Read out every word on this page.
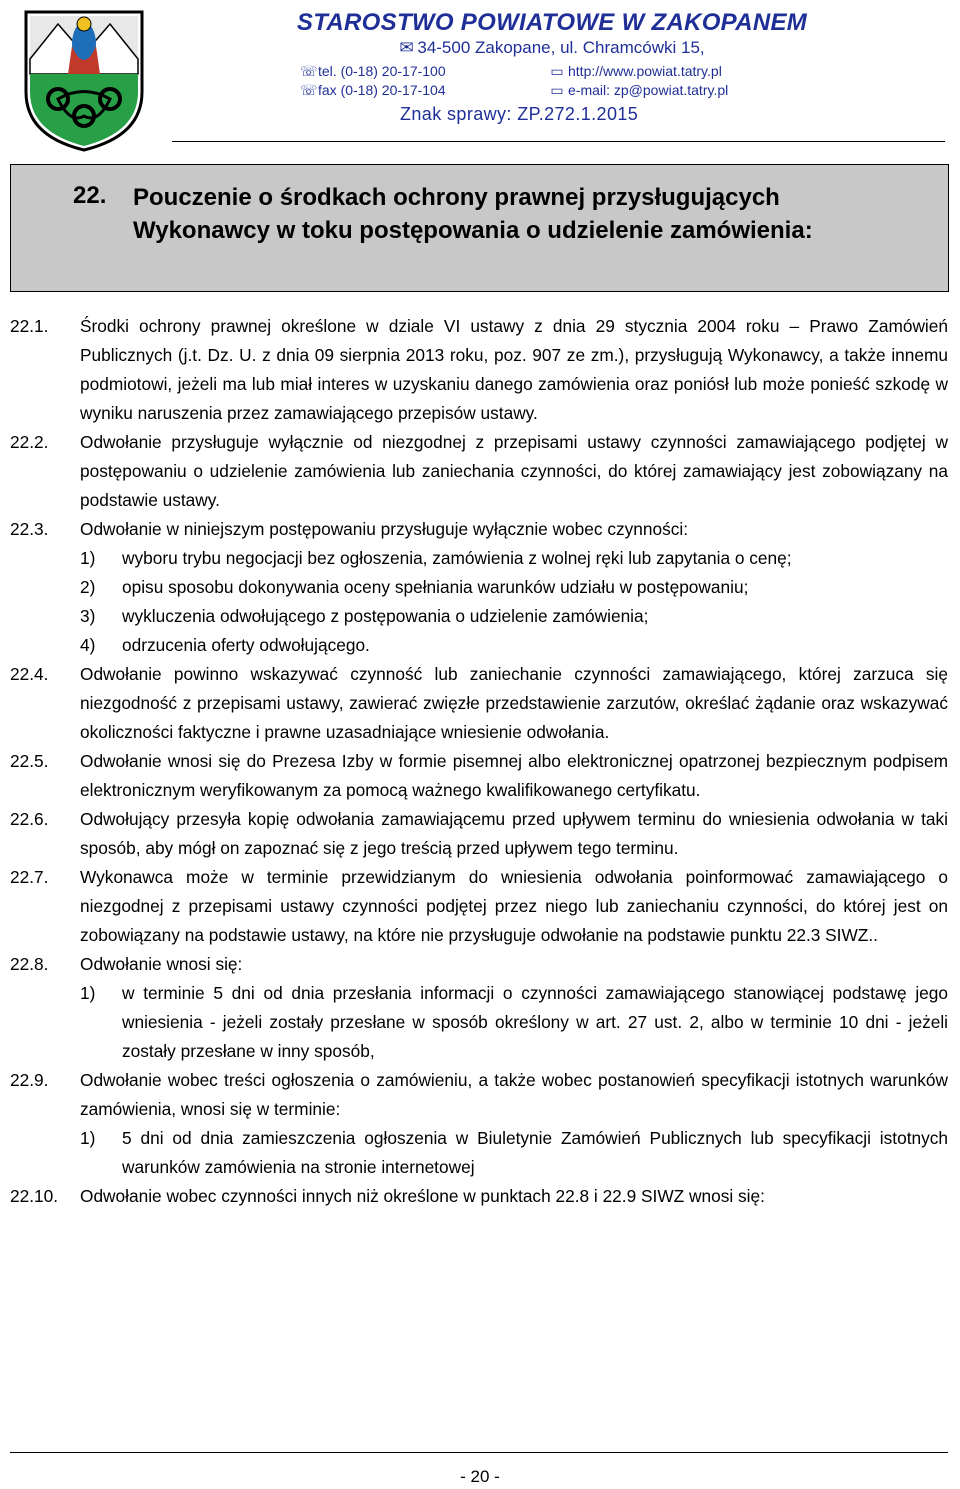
STAROSTWO POWIATOWE W ZAKOPANEM
✉ 34-500 Zakopane, ul. Chramcówki 15,
☏tel. (0-18) 20-17-100	▭ http://www.powiat.tatry.pl
☏fax (0-18) 20-17-104	▭ e-mail: zp@powiat.tatry.pl
Znak sprawy: ZP.272.1.2015
22. Pouczenie o środkach ochrony prawnej przysługujących Wykonawcy w toku postępowania o udzielenie zamówienia:
22.1.	Środki ochrony prawnej określone w dziale VI ustawy z dnia 29 stycznia 2004 roku – Prawo Zamówień Publicznych (j.t. Dz. U. z dnia 09 sierpnia 2013 roku, poz. 907 ze zm.), przysługują Wykonawcy, a także innemu podmiotowi, jeżeli ma lub miał interes w uzyskaniu danego zamówienia oraz poniósł lub może ponieść szkodę w wyniku naruszenia przez zamawiającego przepisów ustawy.
22.2.	Odwołanie przysługuje wyłącznie od niezgodnej z przepisami ustawy czynności zamawiającego podjętej w postępowaniu o udzielenie zamówienia lub zaniechania czynności, do której zamawiający jest zobowiązany na podstawie ustawy.
22.3.	Odwołanie w niniejszym postępowaniu przysługuje wyłącznie wobec czynności:
1)	wyboru trybu negocjacji bez ogłoszenia, zamówienia z wolnej ręki lub zapytania o cenę;
2)	opisu sposobu dokonywania oceny spełniania warunków udziału w postępowaniu;
3)	wykluczenia odwołującego z postępowania o udzielenie zamówienia;
4)	odrzucenia oferty odwołującego.
22.4.	Odwołanie powinno wskazywać czynność lub zaniechanie czynności zamawiającego, której zarzuca się niezgodność z przepisami ustawy, zawierać zwięzłe przedstawienie zarzutów, określać żądanie oraz wskazywać okoliczności faktyczne i prawne uzasadniające wniesienie odwołania.
22.5.	Odwołanie wnosi się do Prezesa Izby w formie pisemnej albo elektronicznej opatrzonej bezpiecznym podpisem elektronicznym weryfikowanym za pomocą ważnego kwalifikowanego certyfikatu.
22.6.	Odwołujący przesyła kopię odwołania zamawiającemu przed upływem terminu do wniesienia odwołania w taki sposób, aby mógł on zapoznać się z jego treścią przed upływem tego terminu.
22.7.	Wykonawca może w terminie przewidzianym do wniesienia odwołania poinformować zamawiającego o niezgodnej z przepisami ustawy czynności podjętej przez niego lub zaniechaniu czynności, do której jest on zobowiązany na podstawie ustawy, na które nie przysługuje odwołanie na podstawie punktu 22.3 SIWZ..
22.8.	Odwołanie wnosi się:
1)	w terminie 5 dni od dnia przesłania informacji o czynności zamawiającego stanowiącej podstawę jego wniesienia - jeżeli zostały przesłane w sposób określony w art. 27 ust. 2, albo w terminie 10 dni - jeżeli zostały przesłane w inny sposób,
22.9.	Odwołanie wobec treści ogłoszenia o zamówieniu, a także wobec postanowień specyfikacji istotnych warunków zamówienia, wnosi się w terminie:
1)	5 dni od dnia zamieszczenia ogłoszenia w Biuletynie Zamówień Publicznych lub specyfikacji istotnych warunków zamówienia na stronie internetowej
22.10.	Odwołanie wobec czynności innych niż określone w punktach 22.8 i 22.9 SIWZ wnosi się:
- 20 -
